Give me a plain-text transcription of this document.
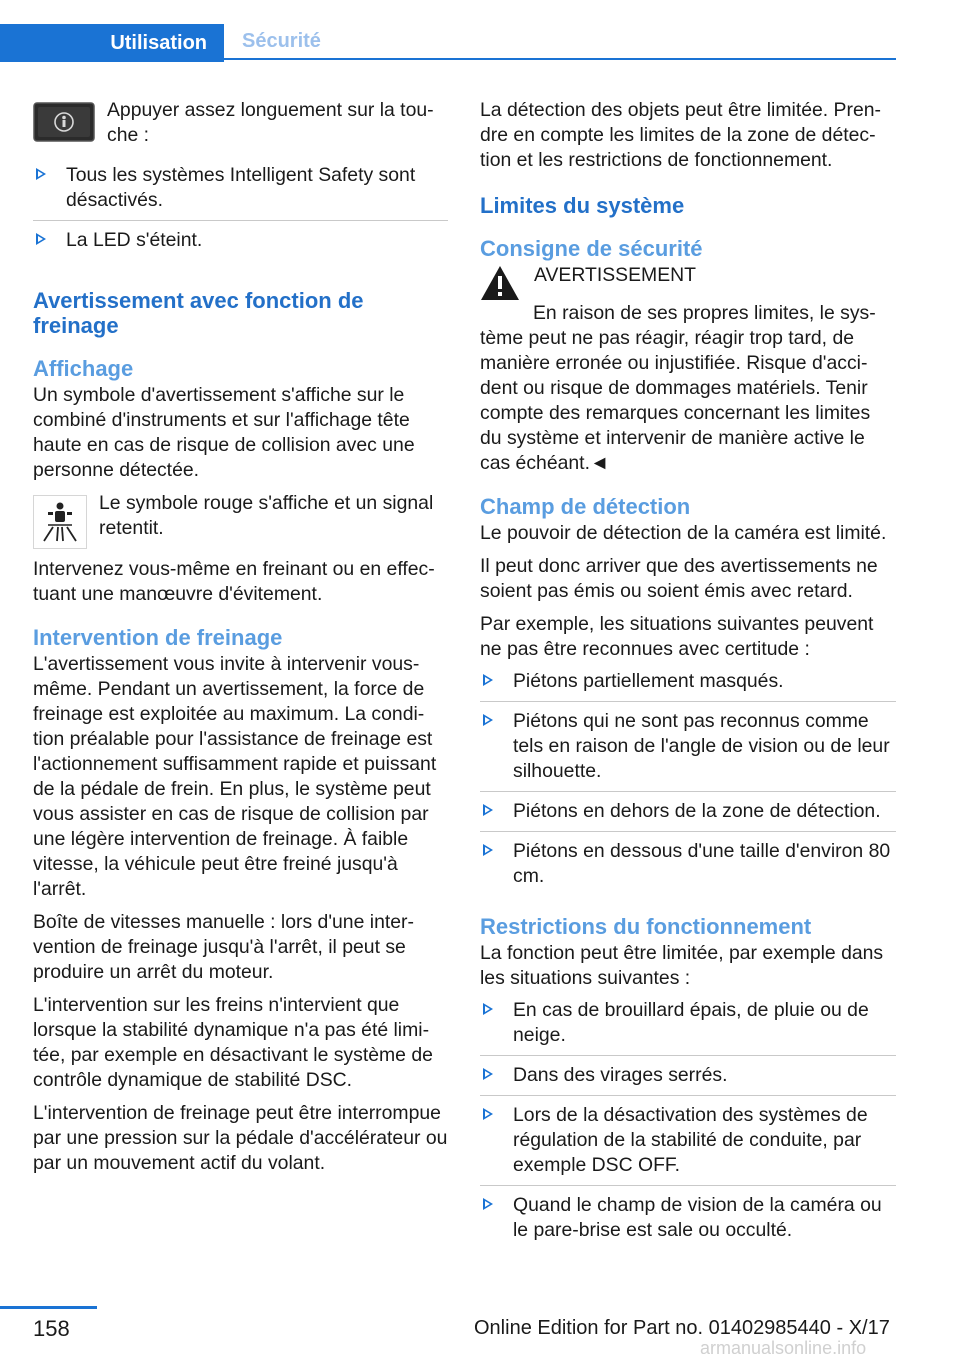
Utilisation	Sécurité
Appuyer assez longuement sur la touche :
Tous les systèmes Intelligent Safety sont désactivés.
La LED s'éteint.
Avertissement avec fonction de freinage
Affichage

Un symbole d'avertissement s'affiche sur le combiné d'instruments et sur l'affichage tête haute en cas de risque de collision avec une personne détectée.

Le symbole rouge s'affiche et un signal retentit.

Intervenez vous-même en freinant ou en effectuant une manœuvre d'évitement.

Intervention de freinage

L'avertissement vous invite à intervenir vous-même. Pendant un avertissement, la force de freinage est exploitée au maximum. La condition préalable pour l'assistance de freinage est l'actionnement suffisamment rapide et puissant de la pédale de frein. En plus, le système peut vous assister en cas de risque de collision par une légère intervention de freinage. À faible vitesse, la véhicule peut être freiné jusqu'à l'arrêt.

Boîte de vitesses manuelle : lors d'une intervention de freinage jusqu'à l'arrêt, il peut se produire un arrêt du moteur.

L'intervention sur les freins n'intervient que lorsque la stabilité dynamique n'a pas été limitée, par exemple en désactivant le système de contrôle dynamique de stabilité DSC.

L'intervention de freinage peut être interrompue par une pression sur la pédale d'accélérateur ou par un mouvement actif du volant.

La détection des objets peut être limitée. Prendre en compte les limites de la zone de détection et les restrictions de fonctionnement.

Limites du système
Consigne de sécurité
AVERTISSEMENT

En raison de ses propres limites, le système peut ne pas réagir, réagir trop tard, de manière erronée ou injustifiée. Risque d'accident ou risque de dommages matériels. Tenir compte des remarques concernant les limites du système et intervenir de manière active le cas échéant.◄

Champ de détection

Le pouvoir de détection de la caméra est limité.

Il peut donc arriver que des avertissements ne soient pas émis ou soient émis avec retard.

Par exemple, les situations suivantes peuvent ne pas être reconnues avec certitude :

Piétons partiellement masqués.
Piétons qui ne sont pas reconnus comme tels en raison de l'angle de vision ou de leur silhouette.
Piétons en dehors de la zone de détection.
Piétons en dessous d'une taille d'environ 80 cm.
Restrictions du fonctionnement

La fonction peut être limitée, par exemple dans les situations suivantes :

En cas de brouillard épais, de pluie ou de neige.
Dans des virages serrés.
Lors de la désactivation des systèmes de régulation de la stabilité de conduite, par exemple DSC OFF.
Quand le champ de vision de la caméra ou le pare-brise est sale ou occulté.
158	Online Edition for Part no. 01402985440 - X/17
armanualsonline.info
